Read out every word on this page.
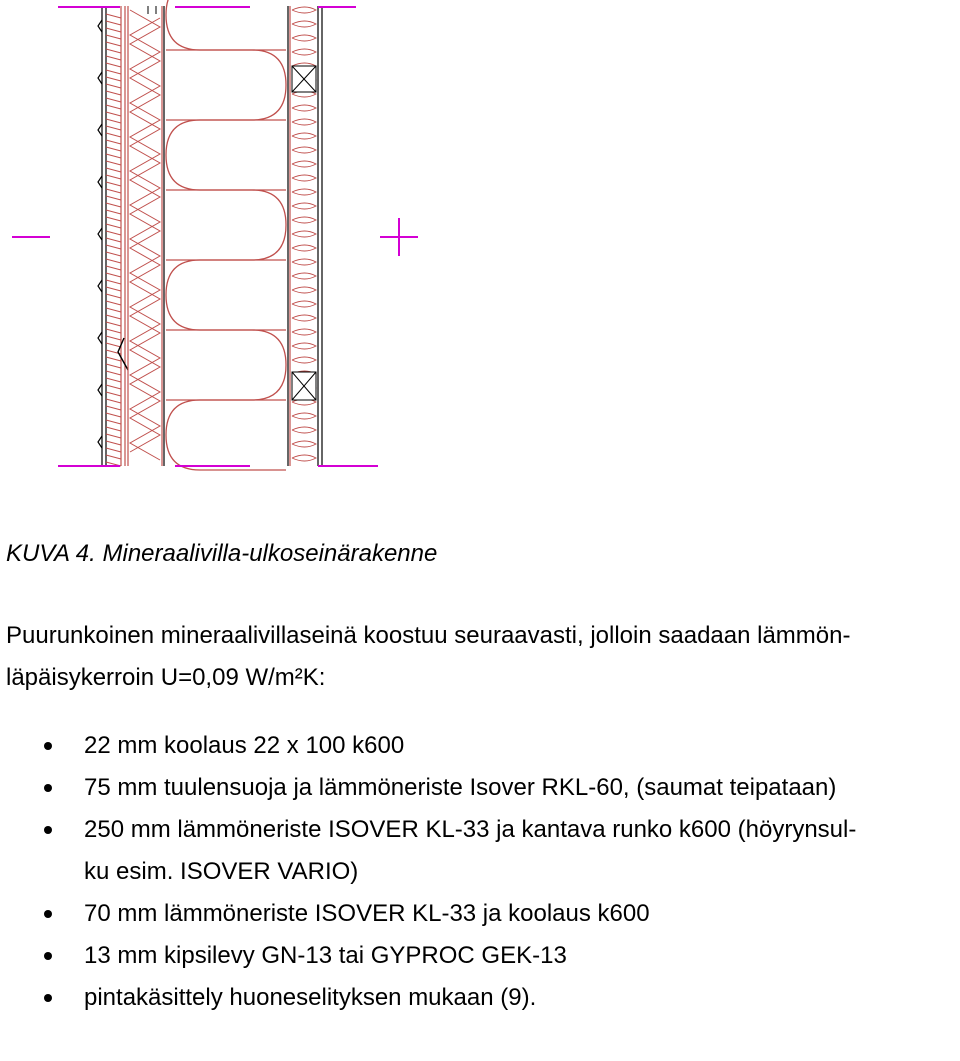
KUVA 4. Mineraalivilla-ulkoseinärakenne
Puurunkoinen mineraalivillaseinä koostuu seuraavasti, jolloin saadaan lämmön-
läpäisykerroin U=0,09 W/m²K:
22 mm koolaus 22 x 100 k600
75 mm tuulensuoja ja lämmöneriste Isover RKL-60, (saumat teipataan)
250 mm lämmöneriste ISOVER KL-33 ja kantava runko k600 (höyrynsul-
ku esim. ISOVER VARIO)
70 mm lämmöneriste ISOVER KL-33 ja koolaus k600
13 mm kipsilevy GN-13 tai GYPROC GEK-13
pintakäsittely huoneselityksen mukaan (9).
